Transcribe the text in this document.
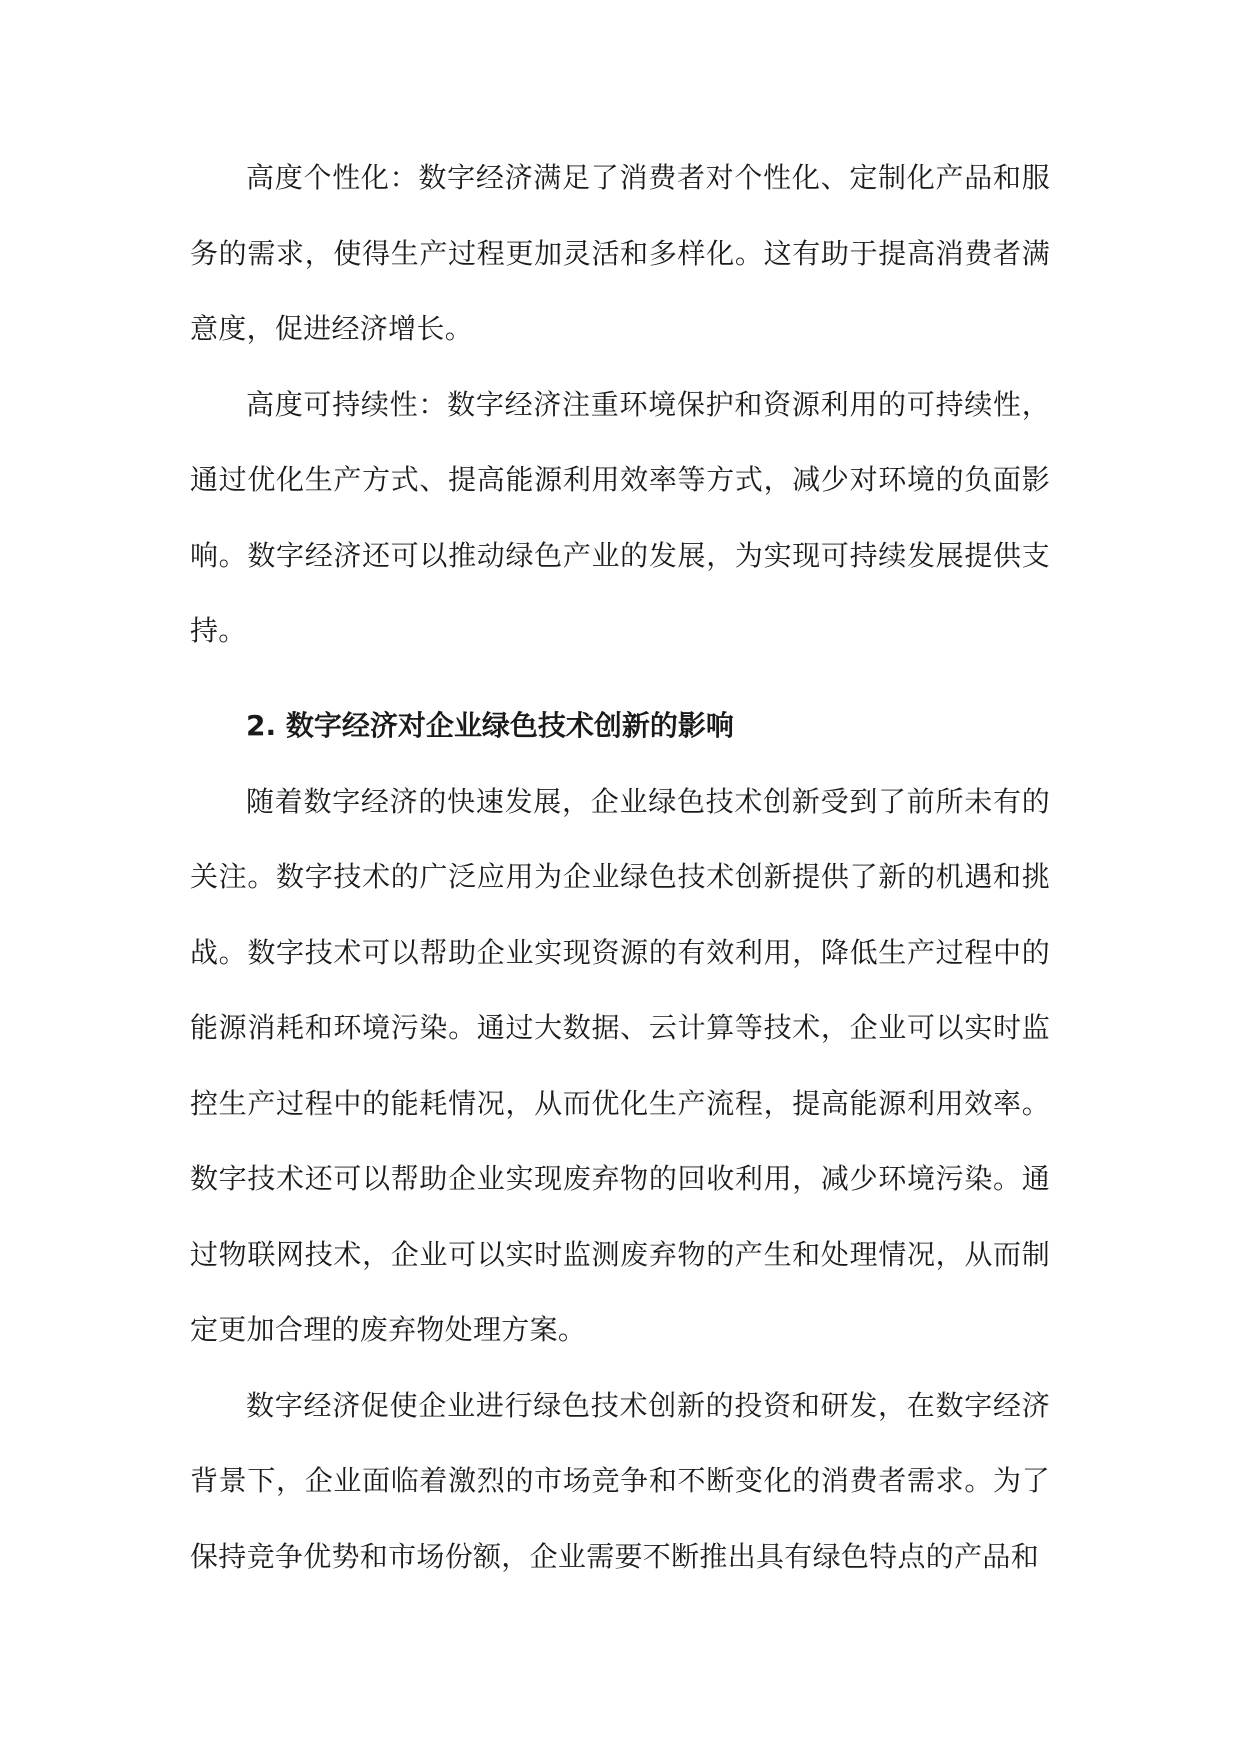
高度个性化：数字经济满足了消费者对个性化、定制化产品和服务的需求，使得生产过程更加灵活和多样化。这有助于提高消费者满意度，促进经济增长。

高度可持续性：数字经济注重环境保护和资源利用的可持续性，通过优化生产方式、提高能源利用效率等方式，减少对环境的负面影响。数字经济还可以推动绿色产业的发展，为实现可持续发展提供支持。

2. 数字经济对企业绿色技术创新的影响

随着数字经济的快速发展，企业绿色技术创新受到了前所未有的关注。数字技术的广泛应用为企业绿色技术创新提供了新的机遇和挑战。数字技术可以帮助企业实现资源的有效利用，降低生产过程中的能源消耗和环境污染。通过大数据、云计算等技术，企业可以实时监控生产过程中的能耗情况，从而优化生产流程，提高能源利用效率。数字技术还可以帮助企业实现废弃物的回收利用，减少环境污染。通过物联网技术，企业可以实时监测废弃物的产生和处理情况，从而制定更加合理的废弃物处理方案。

数字经济促使企业进行绿色技术创新的投资和研发，在数字经济背景下，企业面临着激烈的市场竞争和不断变化的消费者需求。为了保持竞争优势和市场份额，企业需要不断推出具有绿色特点的产品和
